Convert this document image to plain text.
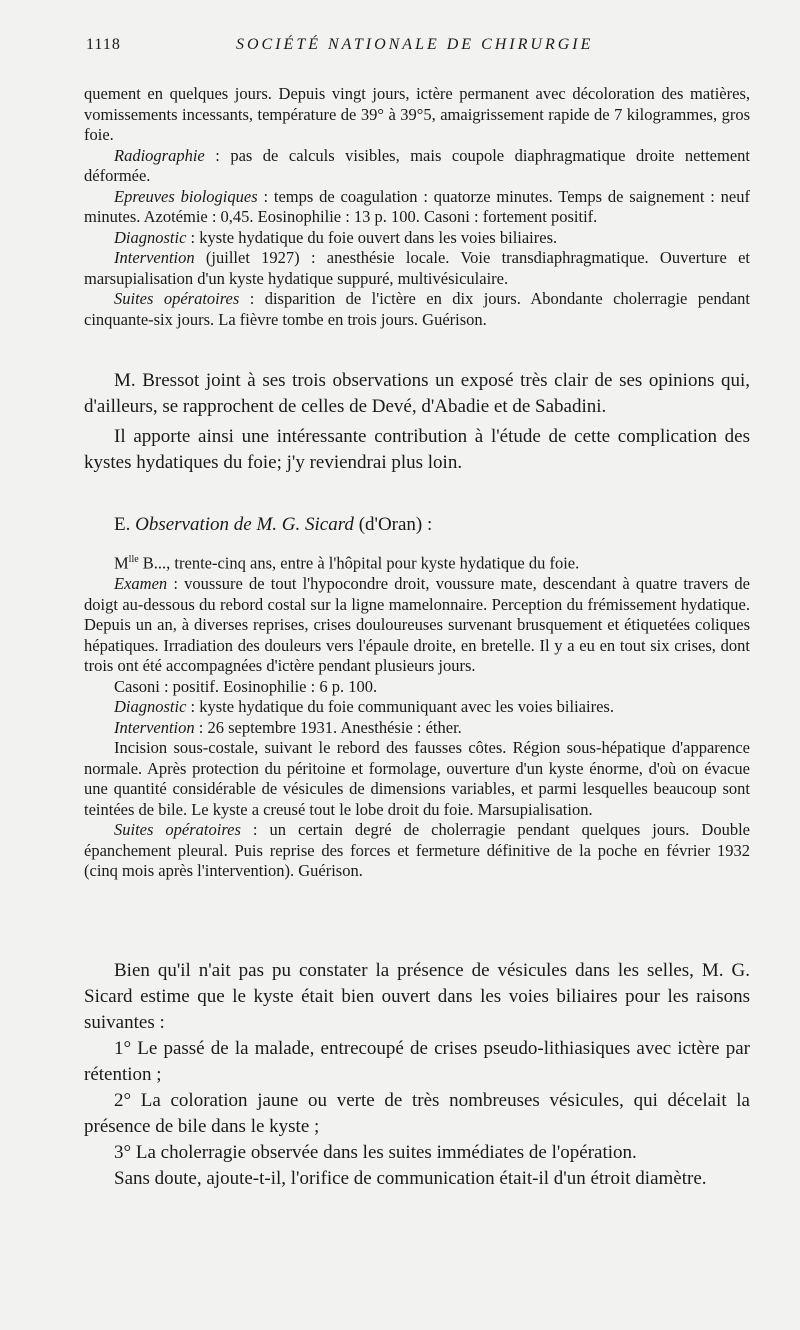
1118	SOCIÉTÉ NATIONALE DE CHIRURGIE

quement en quelques jours. Depuis vingt jours, ictère permanent avec décoloration des matières, vomissements incessants, température de 39° à 39°5, amaigrissement rapide de 7 kilogrammes, gros foie.

Radiographie : pas de calculs visibles, mais coupole diaphragmatique droite nettement déformée.

Epreuves biologiques : temps de coagulation : quatorze minutes. Temps de saignement : neuf minutes. Azotémie : 0,45. Eosinophilie : 13 p. 100. Casoni : fortement positif.

Diagnostic : kyste hydatique du foie ouvert dans les voies biliaires.

Intervention (juillet 1927) : anesthésie locale. Voie transdiaphragmatique. Ouverture et marsupialisation d'un kyste hydatique suppuré, multivésiculaire.

Suites opératoires : disparition de l'ictère en dix jours. Abondante cholerragie pendant cinquante-six jours. La fièvre tombe en trois jours. Guérison.

M. Bressot joint à ses trois observations un exposé très clair de ses opinions qui, d'ailleurs, se rapprochent de celles de Devé, d'Abadie et de Sabadini.

Il apporte ainsi une intéressante contribution à l'étude de cette complication des kystes hydatiques du foie; j'y reviendrai plus loin.

E. Observation de M. G. Sicard (d'Oran) :

$M^{lle}$ B..., trente-cinq ans, entre à l'hôpital pour kyste hydatique du foie.

Examen : voussure de tout l'hypocondre droit, voussure mate, descendant à quatre travers de doigt au-dessous du rebord costal sur la ligne mamelonnaire. Perception du frémissement hydatique. Depuis un an, à diverses reprises, crises douloureuses survenant brusquement et étiquetées coliques hépatiques. Irradiation des douleurs vers l'épaule droite, en bretelle. Il y a eu en tout six crises, dont trois ont été accompagnées d'ictère pendant plusieurs jours.

Casoni : positif. Eosinophilie : 6 p. 100.

Diagnostic : kyste hydatique du foie communiquant avec les voies biliaires.

Intervention : 26 septembre 1931. Anesthésie : éther.

Incision sous-costale, suivant le rebord des fausses côtes. Région sous-hépatique d'apparence normale. Après protection du péritoine et formolage, ouverture d'un kyste énorme, d'où on évacue une quantité considérable de vésicules de dimensions variables, et parmi lesquelles beaucoup sont teintées de bile. Le kyste a creusé tout le lobe droit du foie. Marsupialisation.

Suites opératoires : un certain degré de cholerragie pendant quelques jours. Double épanchement pleural. Puis reprise des forces et fermeture définitive de la poche en février 1932 (cinq mois après l'intervention). Guérison.

Bien qu'il n'ait pas pu constater la présence de vésicules dans les selles, M. G. Sicard estime que le kyste était bien ouvert dans les voies biliaires pour les raisons suivantes :

1° Le passé de la malade, entrecoupé de crises pseudo-lithiasiques avec ictère par rétention ;

2° La coloration jaune ou verte de très nombreuses vésicules, qui décelait la présence de bile dans le kyste ;

3° La cholerragie observée dans les suites immédiates de l'opération.

Sans doute, ajoute-t-il, l'orifice de communication était-il d'un étroit diamètre.
